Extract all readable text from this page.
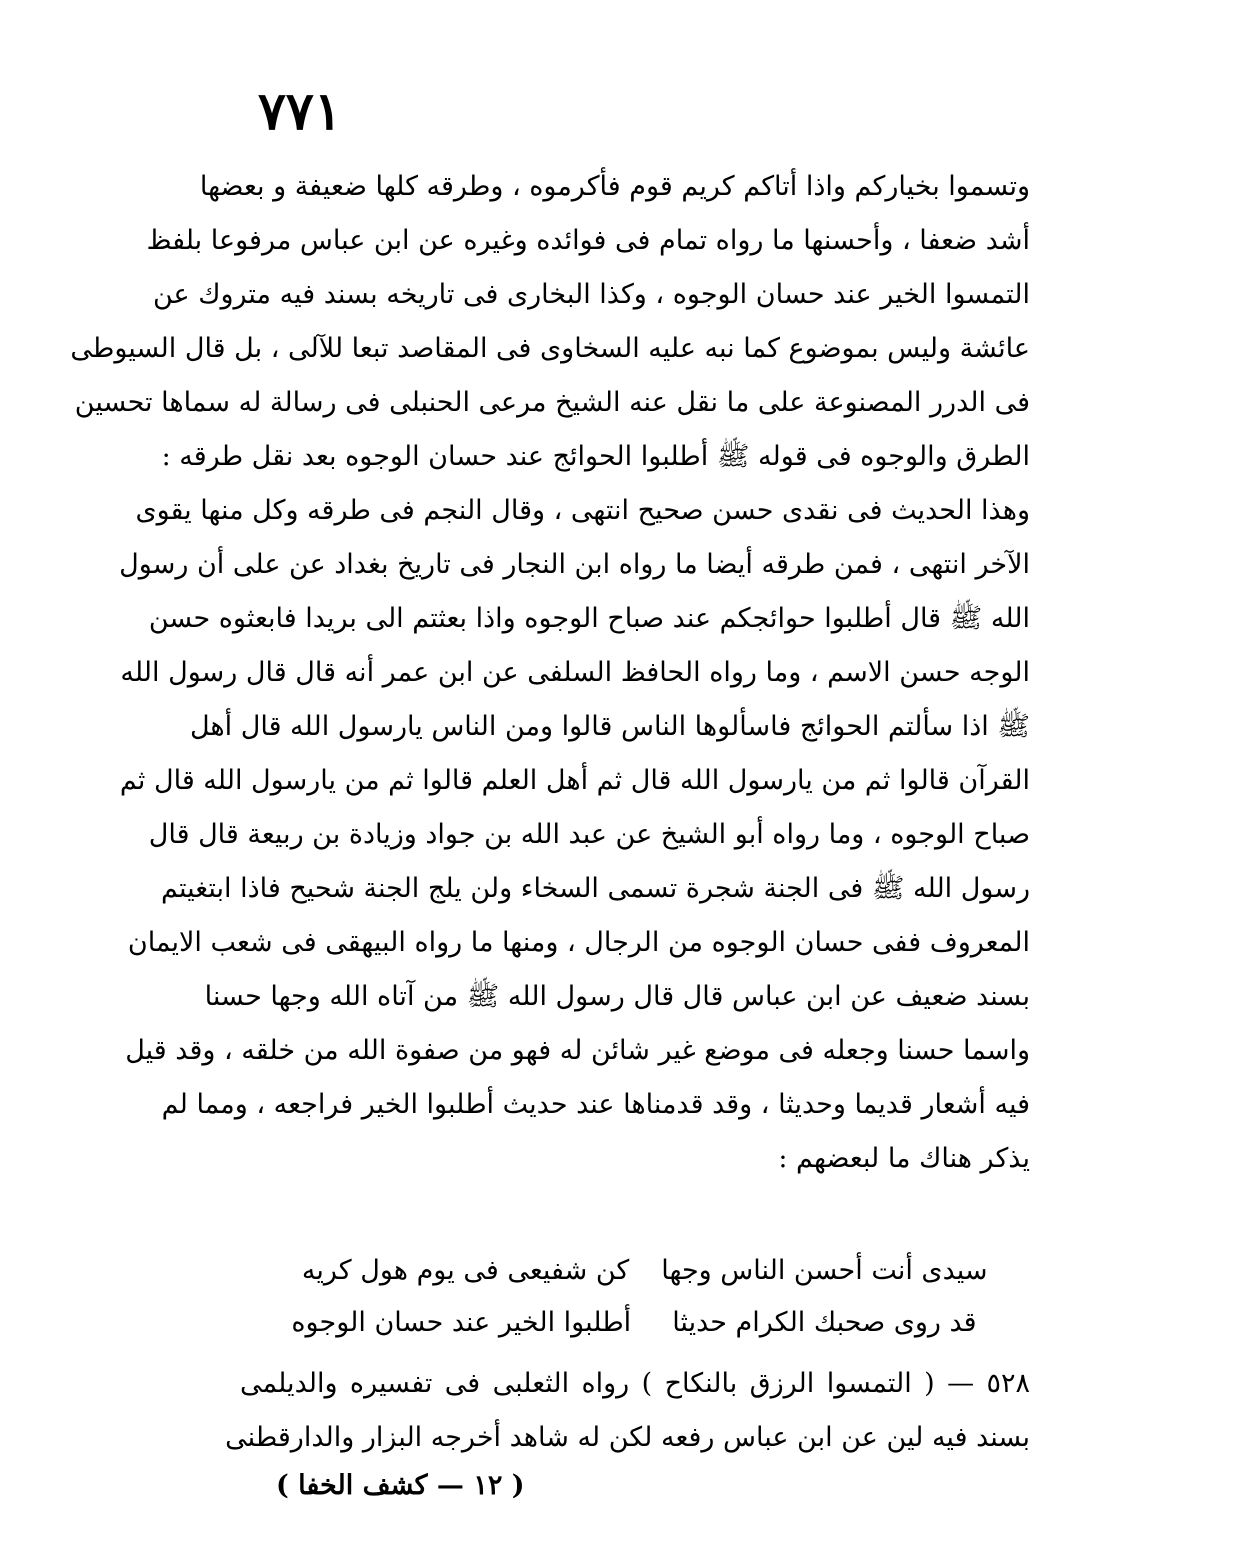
١٧٧
وتسموا بخيارکم واذا أتاکم کریم قوم فأکرموه ، وطرقه کلها ضعیفة و بعضها
أشد ضعفا ، وأحسنها ما رواه تمام فی فوائده وغیره عن ابن عباس مرفوعا بلفظ
التمسوا الخیر عند حسان الوجوه ، وکذا البخاری فی تاریخه بسند فیه متروك عن
عائشة ولیس بموضوع کما نبه علیه السخاوی فی المقاصد تبعا للآلی ، بل قال السیوطی
فی الدرر المصنوعة علی ما نقل عنه الشیخ مرعی الحنبلی فی رسالة له سماها تحسین
الطرق والوجوه فی قوله ﷺ أطلبوا الحوائج عند حسان الوجوه بعد نقل طرقه :
وهذا الحدیث فی نقدی حسن صحیح انتهی ، وقال النجم فی طرقه وکل منها یقوی
الآخر انتهی ، فمن طرقه أیضا ما رواه ابن النجار فی تاریخ بغداد عن علی أن رسول
الله ﷺ قال أطلبوا حوائجکم عند صباح الوجوه واذا بعثتم الی بریدا فابعثوه حسن
الوجه حسن الاسم ، وما رواه الحافظ السلفی عن ابن عمر أنه قال قال رسول الله
ﷺ اذا سألتم الحوائج فاسألوها الناس قالوا ومن الناس یارسول الله قال أهل
القرآن قالوا ثم من یارسول الله قال ثم أهل العلم قالوا ثم من یارسول الله قال ثم
صباح الوجوه ، وما رواه أبو الشیخ عن عبد الله بن جواد وزیادة بن ربیعة قال قال
رسول الله ﷺ فی الجنة شجرة تسمی السخاء ولن یلج الجنة شحیح فاذا ابتغیتم
المعروف ففی حسان الوجوه من الرجال ، ومنها ما رواه البیهقی فی شعب الایمان
بسند ضعیف عن ابن عباس قال قال رسول الله ﷺ من آتاه الله وجها حسنا
واسما حسنا وجعله فی موضع غیر شائن له فهو من صفوة الله من خلقه ، وقد قیل
فیه أشعار قدیما وحدیثا ، وقد قدمناها عند حدیث أطلبوا الخیر فراجعه ، ومما لم
یذکر هناك ما لبعضهم :
سیدی أنت أحسن الناس وجها
کن شفیعی فی یوم هول کریه
قد روی صحبك الکرام حدیثا
أطلبوا الخیر عند حسان الوجوه
٥٢٨ — ( التمسوا الرزق بالنکاح ) رواه الثعلبی فی تفسیره والدیلمی
بسند فیه لین عن ابن عباس رفعه لکن له شاهد أخرجه البزار والدارقطنی
( ١٢ — کشف الخفا )
